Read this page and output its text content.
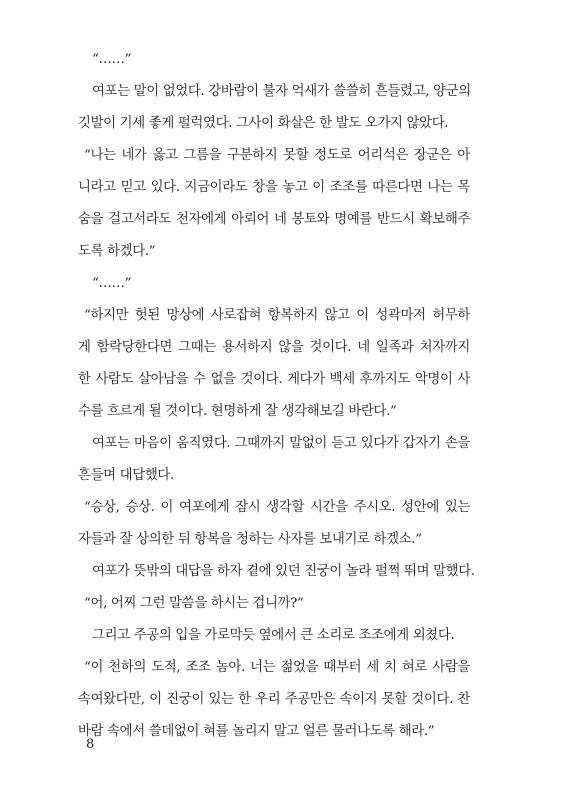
“……”
여포는 말이 없었다. 강바람이 불자 억새가 쓸쓸히 흔들렸고, 양군의
깃발이 기세 좋게 펄럭였다. 그사이 화살은 한 발도 오가지 않았다.
“나는 네가 옳고 그름을 구분하지 못할 정도로 어리석은 장군은 아
니라고 믿고 있다. 지금이라도 창을 놓고 이 조조를 따른다면 나는 목
숨을 걸고서라도 천자에게 아뢰어 네 봉토와 명예를 반드시 확보해주
도록 하겠다.”
“……”
“하지만 헛된 망상에 사로잡혀 항복하지 않고 이 성곽마저 허무하
게 함락당한다면 그때는 용서하지 않을 것이다. 네 일족과 처자까지
한 사람도 살아남을 수 없을 것이다. 게다가 백세 후까지도 악명이 사
수를 흐르게 될 것이다. 현명하게 잘 생각해보길 바란다.”
여포는 마음이 움직였다. 그때까지 말없이 듣고 있다가 갑자기 손을
흔들며 대답했다.
“승상, 승상. 이 여포에게 잠시 생각할 시간을 주시오. 성안에 있는
자들과 잘 상의한 뒤 항복을 청하는 사자를 보내기로 하겠소.”
여포가 뜻밖의 대답을 하자 곁에 있던 진궁이 놀라 펄쩍 뛰며 말했다.
“어, 어찌 그런 말씀을 하시는 겁니까?”
그리고 주공의 입을 가로막듯 옆에서 큰 소리로 조조에게 외쳤다.
“이 천하의 도적, 조조 놈아. 너는 젊었을 때부터 세 치 혀로 사람을
속여왔다만, 이 진궁이 있는 한 우리 주공만은 속이지 못할 것이다. 찬
바람 속에서 쓸데없이 혀를 놀리지 말고 얼른 물러나도록 해라.”
8
